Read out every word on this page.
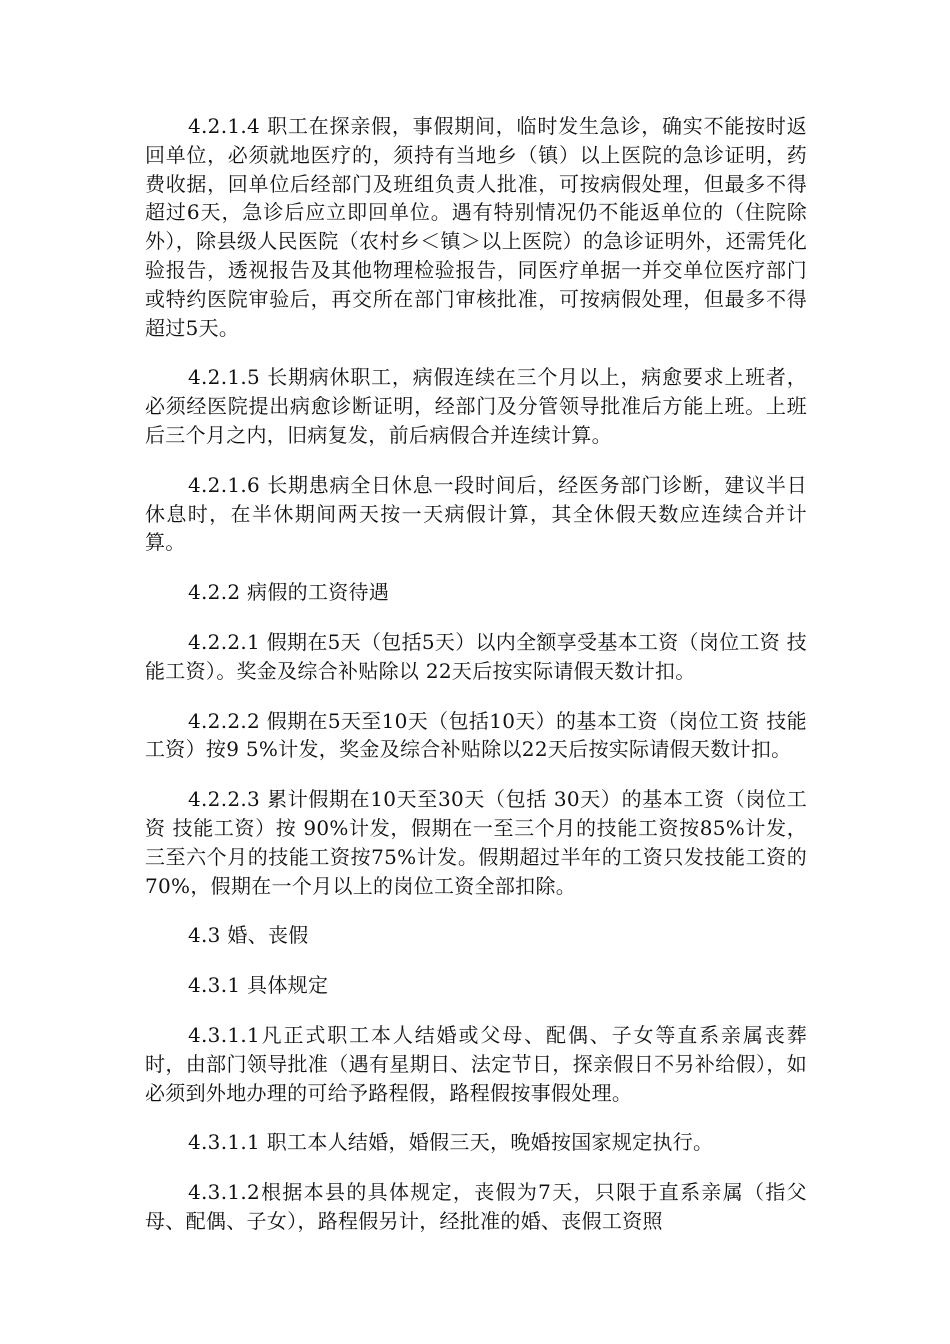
4.2.1.4 职工在探亲假，事假期间，临时发生急诊，确实不能按时返回单位，必须就地医疗的，须持有当地乡（镇）以上医院的急诊证明，药费收据，回单位后经部门及班组负责人批准，可按病假处理，但最多不得超过6天，急诊后应立即回单位。遇有特别情况仍不能返单位的（住院除外），除县级人民医院（农村乡＜镇＞以上医院）的急诊证明外，还需凭化验报告，透视报告及其他物理检验报告，同医疗单据一并交单位医疗部门或特约医院审验后，再交所在部门审核批准，可按病假处理，但最多不得超过5天。

4.2.1.5 长期病休职工，病假连续在三个月以上，病愈要求上班者，必须经医院提出病愈诊断证明，经部门及分管领导批准后方能上班。上班后三个月之内，旧病复发，前后病假合并连续计算。

4.2.1.6 长期患病全日休息一段时间后，经医务部门诊断，建议半日休息时，在半休期间两天按一天病假计算，其全休假天数应连续合并计算。

4.2.2 病假的工资待遇

4.2.2.1 假期在5天（包括5天）以内全额享受基本工资（岗位工资 技能工资）。奖金及综合补贴除以 22天后按实际请假天数计扣。

4.2.2.2 假期在5天至10天（包括10天）的基本工资（岗位工资 技能工资）按9 5%计发，奖金及综合补贴除以22天后按实际请假天数计扣。

4.2.2.3 累计假期在10天至30天（包括 30天）的基本工资（岗位工资 技能工资）按 90%计发，假期在一至三个月的技能工资按85%计发，三至六个月的技能工资按75%计发。假期超过半年的工资只发技能工资的70%，假期在一个月以上的岗位工资全部扣除。

4.3 婚、丧假

4.3.1 具体规定

4.3.1.1凡正式职工本人结婚或父母、配偶、子女等直系亲属丧葬时，由部门领导批准（遇有星期日、法定节日，探亲假日不另补给假），如必须到外地办理的可给予路程假，路程假按事假处理。

4.3.1.1 职工本人结婚，婚假三天，晚婚按国家规定执行。

4.3.1.2根据本县的具体规定，丧假为7天，只限于直系亲属（指父母、配偶、子女），路程假另计，经批准的婚、丧假工资照
